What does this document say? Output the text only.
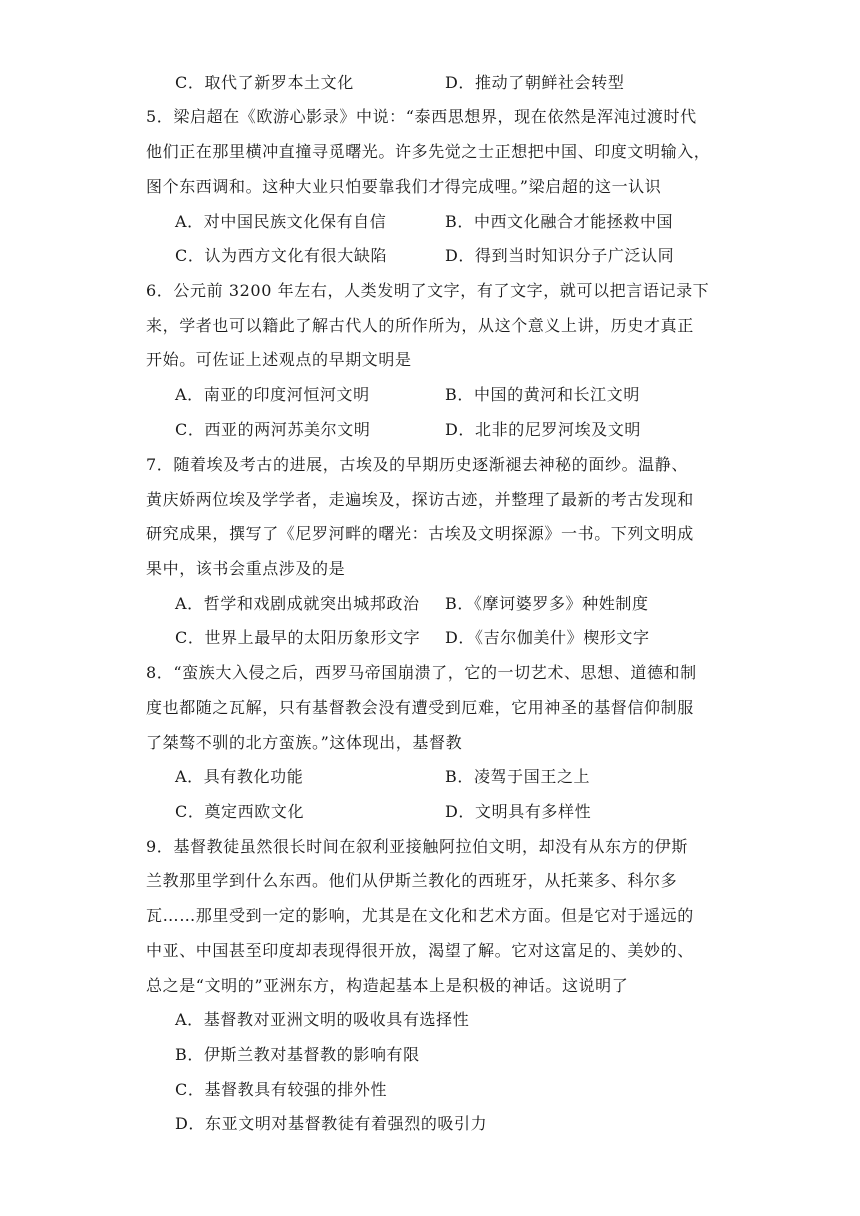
C．取代了新罗本土文化	D．推动了朝鲜社会转型
5．梁启超在《欧游心影录》中说：“泰西思想界，现在依然是浑沌过渡时代
他们正在那里横冲直撞寻觅曙光。许多先觉之士正想把中国、印度文明输入，
图个东西调和。这种大业只怕要靠我们才得完成哩。”梁启超的这一认识
A．对中国民族文化保有自信	B．中西文化融合才能拯救中国
C．认为西方文化有很大缺陷	D．得到当时知识分子广泛认同
6．公元前 3200 年左右，人类发明了文字，有了文字，就可以把言语记录下
来，学者也可以籍此了解古代人的所作所为，从这个意义上讲，历史才真正
开始。可佐证上述观点的早期文明是
A．南亚的印度河恒河文明	B．中国的黄河和长江文明
C．西亚的两河苏美尔文明	D．北非的尼罗河埃及文明
7．随着埃及考古的进展，古埃及的早期历史逐渐褪去神秘的面纱。温静、
黄庆娇两位埃及学学者，走遍埃及，探访古迹，并整理了最新的考古发现和
研究成果，撰写了《尼罗河畔的曙光：古埃及文明探源》一书。下列文明成
果中，该书会重点涉及的是
A．哲学和戏剧成就突出城邦政治 B．《摩诃婆罗多》种姓制度
C．世界上最早的太阳历象形文字 D．《吉尔伽美什》楔形文字
8．“蛮族大入侵之后，西罗马帝国崩溃了，它的一切艺术、思想、道德和制
度也都随之瓦解，只有基督教会没有遭受到厄难，它用神圣的基督信仰制服
了桀骜不驯的北方蛮族。”这体现出，基督教
A．具有教化功能	B．凌驾于国王之上
C．奠定西欧文化	D．文明具有多样性
9．基督教徒虽然很长时间在叙利亚接触阿拉伯文明，却没有从东方的伊斯
兰教那里学到什么东西。他们从伊斯兰教化的西班牙，从托莱多、科尔多
瓦……那里受到一定的影响，尤其是在文化和艺术方面。但是它对于遥远的
中亚、中国甚至印度却表现得很开放，渴望了解。它对这富足的、美妙的、
总之是“文明的”亚洲东方，构造起基本上是积极的神话。这说明了
A．基督教对亚洲文明的吸收具有选择性
B．伊斯兰教对基督教的影响有限
C．基督教具有较强的排外性
D．东亚文明对基督教徒有着强烈的吸引力
